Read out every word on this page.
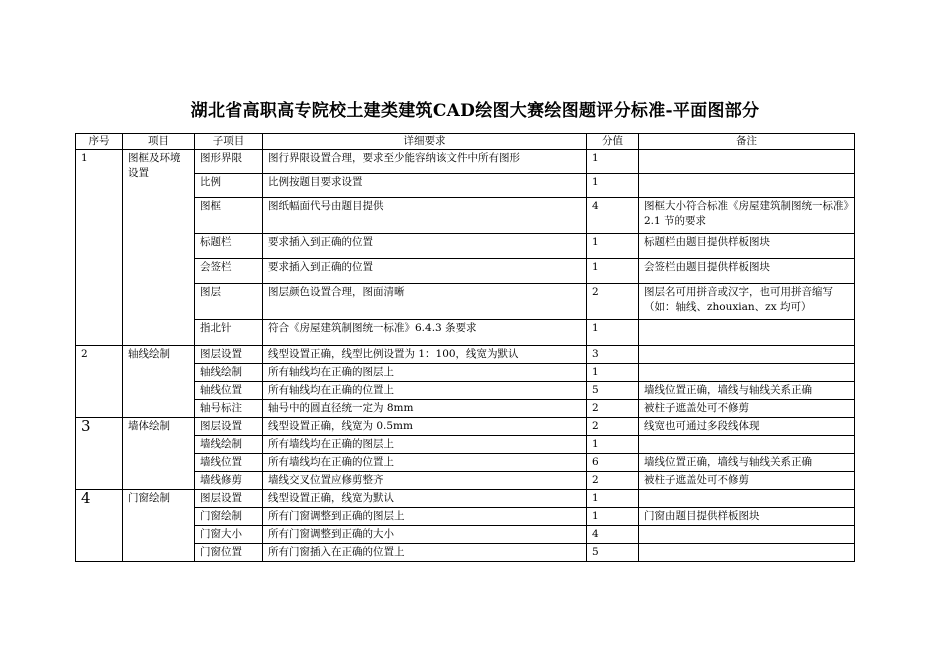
湖北省高职高专院校土建类建筑CAD绘图大赛绘图题评分标准-平面图部分
序号	项目	子项目	详细要求	分值	备注
1	图框及环境设置	图形界限	图行界限设置合理，要求至少能容纳该文件中所有图形	1	
		比例	比例按题目要求设置	1	
		图框	图纸幅面代号由题目提供	4	图框大小符合标准《房屋建筑制图统一标准》2.1 节的要求
		标题栏	要求插入到正确的位置	1	标题栏由题目提供样板图块
		会签栏	要求插入到正确的位置	1	会签栏由题目提供样板图块
		图层	图层颜色设置合理，图面清晰	2	图层名可用拼音或汉字，也可用拼音缩写（如：轴线、zhouxian、zx 均可）
		指北针	符合《房屋建筑制图统一标准》6.4.3 条要求	1	
2	轴线绘制	图层设置	线型设置正确，线型比例设置为 1：100，线宽为默认	3	
		轴线绘制	所有轴线均在正确的图层上	1	
		轴线位置	所有轴线均在正确的位置上	5	墙线位置正确，墙线与轴线关系正确
		轴号标注	轴号中的圆直径统一定为 8mm	2	被柱子遮盖处可不修剪
3	墙体绘制	图层设置	线型设置正确，线宽为 0.5mm	2	线宽也可通过多段线体现
		墙线绘制	所有墙线均在正确的图层上	1	
		墙线位置	所有墙线均在正确的位置上	6	墙线位置正确，墙线与轴线关系正确
		墙线修剪	墙线交叉位置应修剪整齐	2	被柱子遮盖处可不修剪
4	门窗绘制	图层设置	线型设置正确，线宽为默认	1	
		门窗绘制	所有门窗调整到正确的图层上	1	门窗由题目提供样板图块
		门窗大小	所有门窗调整到正确的大小	4	
		门窗位置	所有门窗插入在正确的位置上	5	
